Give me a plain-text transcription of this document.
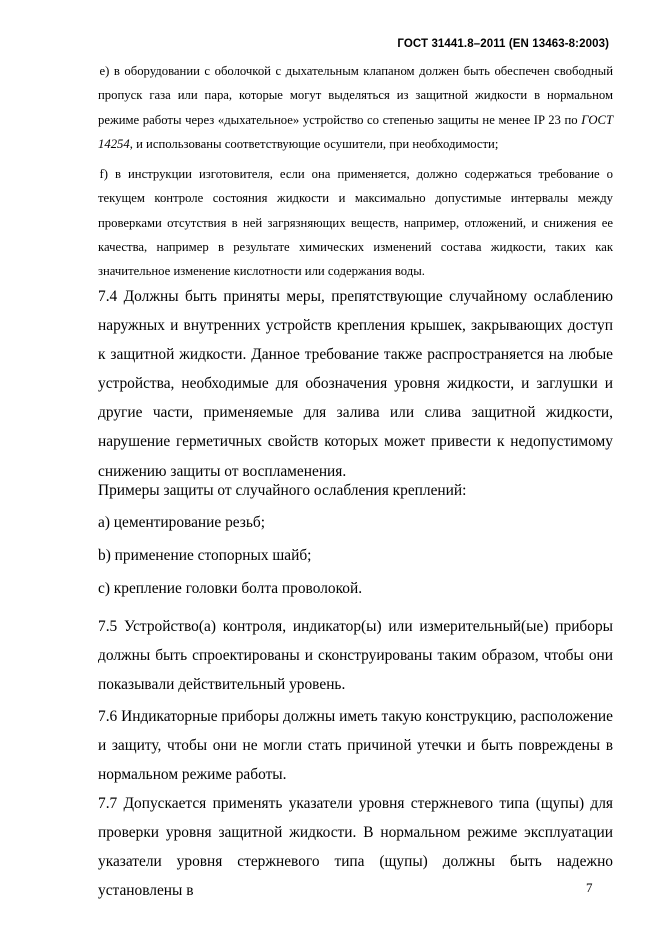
ГОСТ 31441.8–2011 (EN 13463-8:2003)

е) в оборудовании с оболочкой с дыхательным клапаном должен быть обеспечен свободный пропуск газа или пара, которые могут выделяться из защитной жидкости в нормальном режиме работы через «дыхательное» устройство со степенью защиты не менее IP 23 по ГОСТ 14254, и использованы соответствующие осушители, при необходимости;

f) в инструкции изготовителя, если она применяется, должно содержаться требование о текущем контроле состояния жидкости и максимально допустимые интервалы между проверками отсутствия в ней загрязняющих веществ, например, отложений, и снижения ее качества, например в результате химических изменений состава жидкости, таких как значительное изменение кислотности или содержания воды.

7.4 Должны быть приняты меры, препятствующие случайному ослаблению наружных и внутренних устройств крепления крышек, закрывающих доступ к защитной жидкости. Данное требование также распространяется на любые устройства, необходимые для обозначения уровня жидкости, и заглушки и другие части, применяемые для залива или слива защитной жидкости, нарушение герметичных свойств которых может привести к недопустимому снижению защиты от воспламенения.

Примеры защиты от случайного ослабления креплений:

а) цементирование резьб;

b) применение стопорных шайб;

с) крепление головки болта проволокой.

7.5 Устройство(а) контроля, индикатор(ы) или измерительный(ые) приборы должны быть спроектированы и сконструированы таким образом, чтобы они показывали действительный уровень.

7.6 Индикаторные приборы должны иметь такую конструкцию, расположение и защиту, чтобы они не могли стать причиной утечки и быть повреждены в нормальном режиме работы.

7.7 Допускается применять указатели уровня стержневого типа (щупы) для проверки уровня защитной жидкости. В нормальном режиме эксплуатации указатели уровня стержневого типа (щупы) должны быть надежно установлены в	7
